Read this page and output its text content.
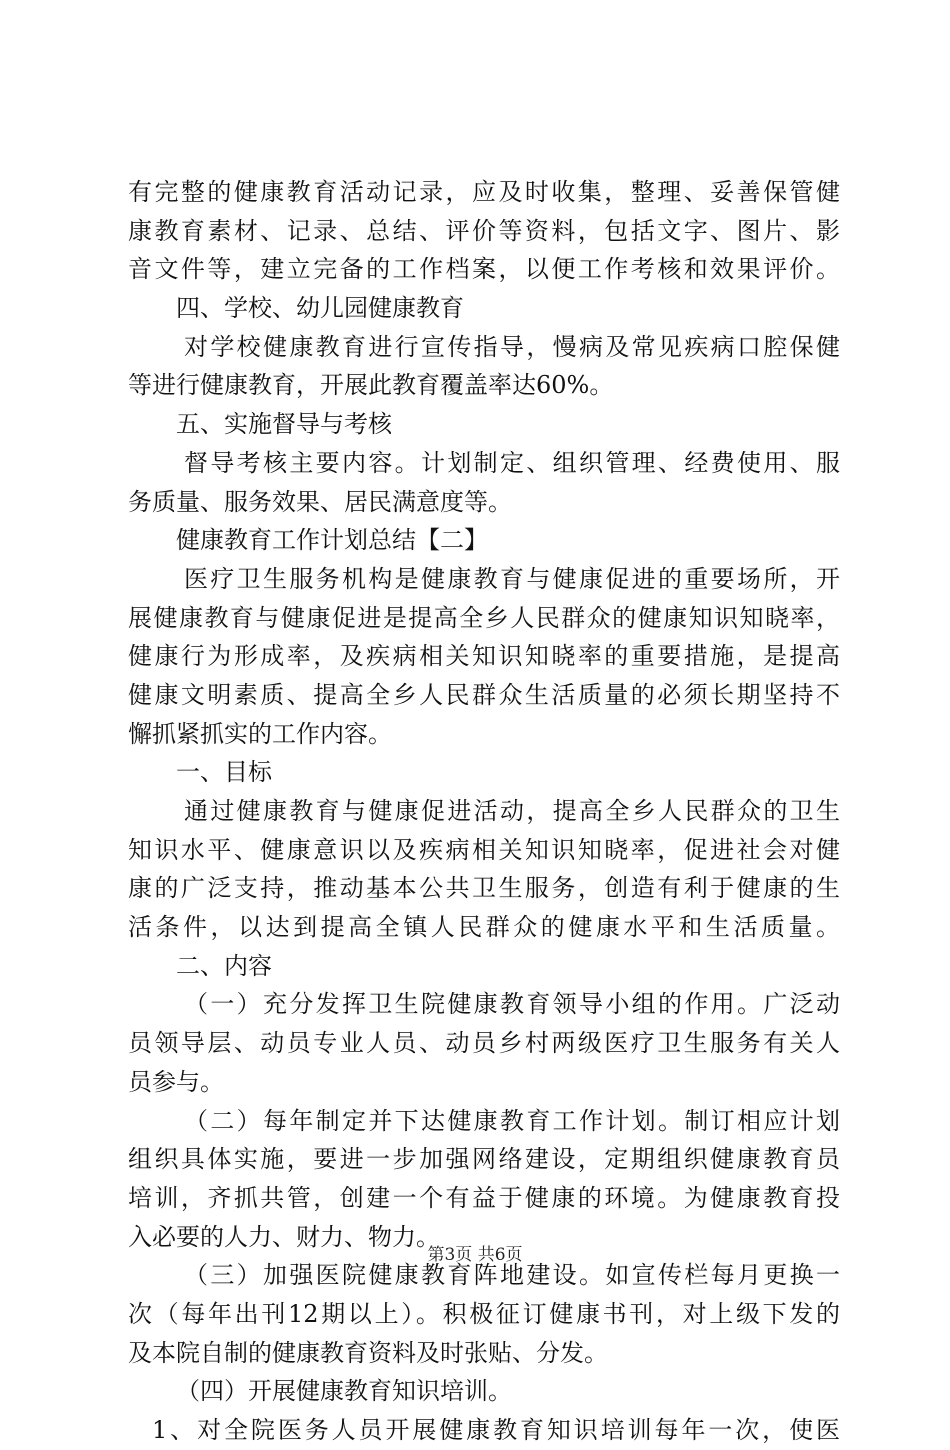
有完整的健康教育活动记录，应及时收集，整理、妥善保管健
康教育素材、记录、总结、评价等资料，包括文字、图片、影
音文件等，建立完备的工作档案，以便工作考核和效果评价。
四、学校、幼儿园健康教育
对学校健康教育进行宣传指导，慢病及常见疾病口腔保健
等进行健康教育，开展此教育覆盖率达60%。
五、实施督导与考核
督导考核主要内容。计划制定、组织管理、经费使用、服
务质量、服务效果、居民满意度等。
健康教育工作计划总结【二】
医疗卫生服务机构是健康教育与健康促进的重要场所，开
展健康教育与健康促进是提高全乡人民群众的健康知识知晓率，
健康行为形成率，及疾病相关知识知晓率的重要措施，是提高
健康文明素质、提高全乡人民群众生活质量的必须长期坚持不
懈抓紧抓实的工作内容。
一、目标
通过健康教育与健康促进活动，提高全乡人民群众的卫生
知识水平、健康意识以及疾病相关知识知晓率，促进社会对健
康的广泛支持，推动基本公共卫生服务，创造有利于健康的生
活条件，以达到提高全镇人民群众的健康水平和生活质量。
二、内容
（一）充分发挥卫生院健康教育领导小组的作用。广泛动
员领导层、动员专业人员、动员乡村两级医疗卫生服务有关人
员参与。
（二）每年制定并下达健康教育工作计划。制订相应计划
组织具体实施，要进一步加强网络建设，定期组织健康教育员
培训，齐抓共管，创建一个有益于健康的环境。为健康教育投
入必要的人力、财力、物力。
（三）加强医院健康教育阵地建设。如宣传栏每月更换一
次（每年出刊12期以上）。积极征订健康书刊，对上级下发的
及本院自制的健康教育资料及时张贴、分发。
（四）开展健康教育知识培训。
1、对全院医务人员开展健康教育知识培训每年一次，使医
第3页 共6页
